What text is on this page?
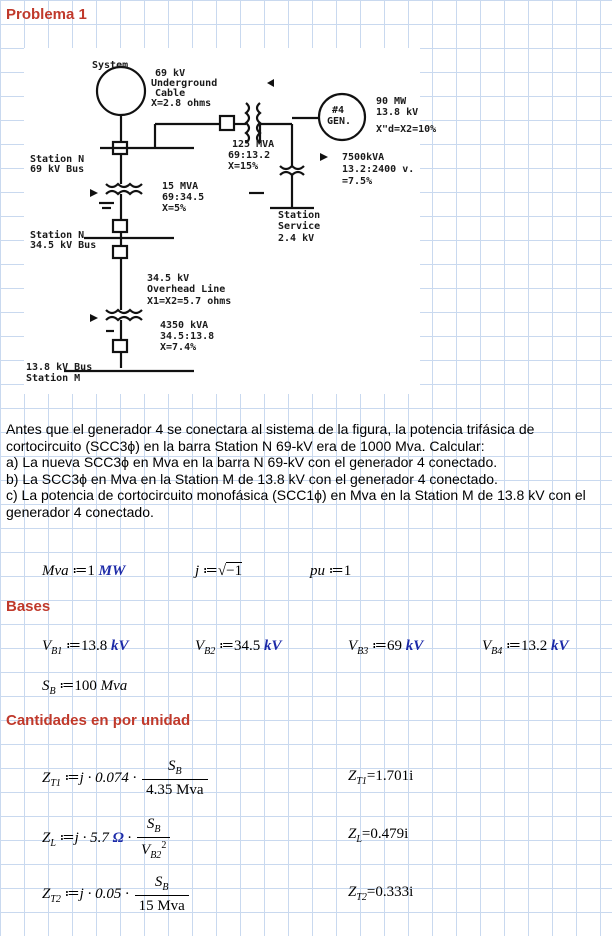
Problema 1
System
69 kV
Underground
Cable
X=2.8 ohms
#4
GEN.
90 MW
13.8 kV
X"d=X2=10%
125 MVA
69:13.2
X=15%
7500kVA
13.2:2400 v.
=7.5%
Station N
69 kV Bus
15 MVA
69:34.5
X=5%
Station
Service
2.4 kV
Station N
34.5 kV Bus
34.5 kV
Overhead Line
X1=X2=5.7 ohms
4350 kVA
34.5:13.8
X=7.4%
13.8 kV Bus
Station M
Antes que el generador 4 se conectara al sistema de la figura, la potencia trifásica de cortocircuito (SCC3ϕ) en la barra Station N 69-kV era de 1000 Mva. Calcular:
a) La nueva SCC3ϕ en Mva en la barra N 69-kV con el generador 4 conectado.
b) La SCC3ϕ en Mva en la Station M de 13.8 kV con el generador 4 conectado.
c) La potencia de cortocircuito monofásica (SCC1ϕ) en Mva en la Station M de 13.8 kV con el generador 4 conectado.
Mva ≔1 MW	j ≔√−1	pu ≔1
Bases
$V_{B1}$ ≔13.8 kV	$V_{B2}$ ≔34.5 kV	$V_{B3}$ ≔69 kV	$V_{B4}$ ≔13.2 kV
$S_B$ ≔100 Mva
Cantidades en por unidad
$Z_{T1}$ ≔j · $0.074 \cdot \frac{S_B}{\text{4.35 Mva}}$	$Z_{T1}=1.701i$
$Z_L$ ≔j · 5.7 $\Omega \cdot \frac{S_B}{V_{B2}^2}$	$Z_L=0.479i$
$Z_{T2}$ ≔j · $0.05 \cdot \frac{S_B}{\text{15 Mva}}$	$Z_{T2}=0.333i$
